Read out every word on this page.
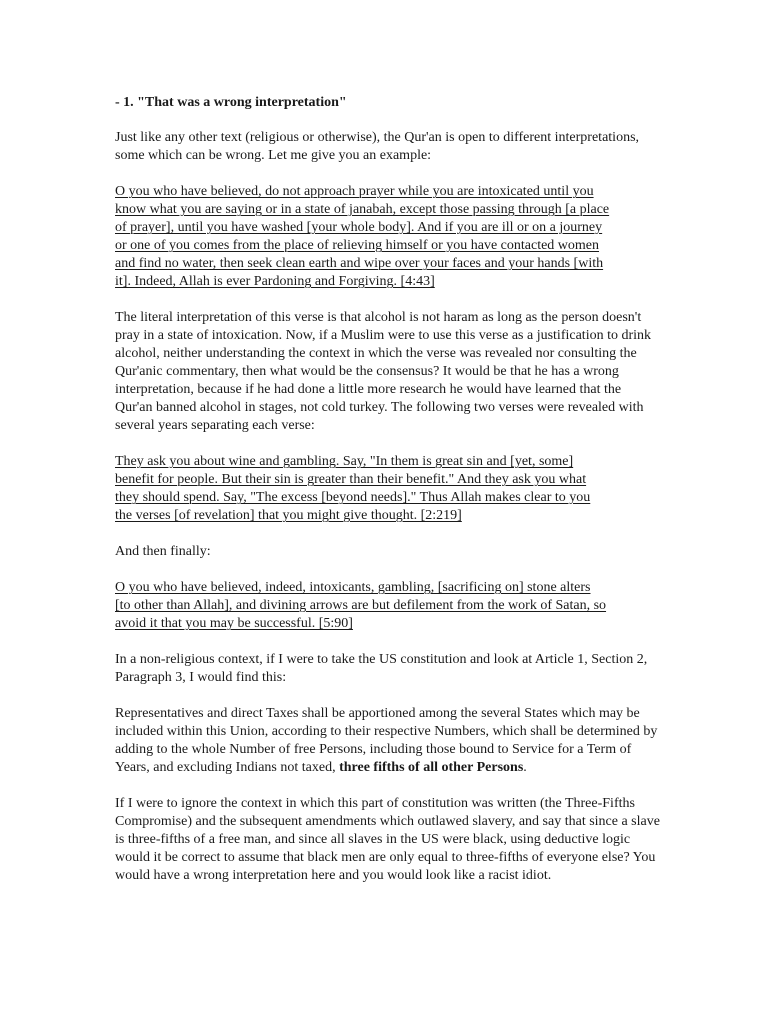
- 1. "That was a wrong interpretation"

Just like any other text (religious or otherwise), the Qur'an is open to different interpretations, some which can be wrong. Let me give you an example:

O you who have believed, do not approach prayer while you are intoxicated until you
know what you are saying or in a state of janabah, except those passing through [a place
of prayer], until you have washed [your whole body]. And if you are ill or on a journey
or one of you comes from the place of relieving himself or you have contacted women
and find no water, then seek clean earth and wipe over your faces and your hands [with
it]. Indeed, Allah is ever Pardoning and Forgiving. [4:43]

The literal interpretation of this verse is that alcohol is not haram as long as the person doesn't pray in a state of intoxication. Now, if a Muslim were to use this verse as a justification to drink alcohol, neither understanding the context in which the verse was revealed nor consulting the Qur'anic commentary, then what would be the consensus? It would be that he has a wrong interpretation, because if he had done a little more research he would have learned that the Qur'an banned alcohol in stages, not cold turkey. The following two verses were revealed with several years separating each verse:

They ask you about wine and gambling. Say, "In them is great sin and [yet, some]
benefit for people. But their sin is greater than their benefit." And they ask you what
they should spend. Say, "The excess [beyond needs]." Thus Allah makes clear to you
the verses [of revelation] that you might give thought. [2:219]

And then finally:

O you who have believed, indeed, intoxicants, gambling, [sacrificing on] stone alters
[to other than Allah], and divining arrows are but defilement from the work of Satan, so
avoid it that you may be successful. [5:90]

In a non-religious context, if I were to take the US constitution and look at Article 1, Section 2, Paragraph 3, I would find this:

Representatives and direct Taxes shall be apportioned among the several States which may be included within this Union, according to their respective Numbers, which shall be determined by adding to the whole Number of free Persons, including those bound to Service for a Term of Years, and excluding Indians not taxed, three fifths of all other Persons.

If I were to ignore the context in which this part of constitution was written (the Three-Fifths Compromise) and the subsequent amendments which outlawed slavery, and say that since a slave is three-fifths of a free man, and since all slaves in the US were black, using deductive logic would it be correct to assume that black men are only equal to three-fifths of everyone else? You would have a wrong interpretation here and you would look like a racist idiot.
